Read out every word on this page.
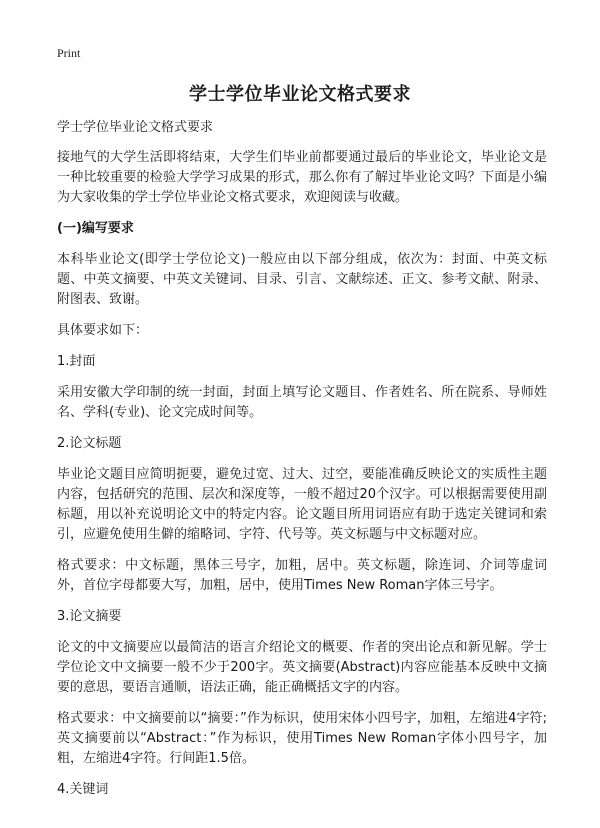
Print
学士学位毕业论文格式要求

学士学位毕业论文格式要求

接地气的大学生活即将结束，大学生们毕业前都要通过最后的毕业论文，毕业论文是一种比较重要的检验大学学习成果的形式，那么你有了解过毕业论文吗？下面是小编为大家收集的学士学位毕业论文格式要求，欢迎阅读与收藏。

(一)编写要求

本科毕业论文(即学士学位论文)一般应由以下部分组成，依次为：封面、中英文标题、中英文摘要、中英文关键词、目录、引言、文献综述、正文、参考文献、附录、附图表、致谢。

具体要求如下：

1.封面

采用安徽大学印制的统一封面，封面上填写论文题目、作者姓名、所在院系、导师姓名、学科(专业)、论文完成时间等。

2.论文标题

毕业论文题目应简明扼要，避免过宽、过大、过空，要能准确反映论文的实质性主题内容，包括研究的范围、层次和深度等，一般不超过20个汉字。可以根据需要使用副标题，用以补充说明论文中的特定内容。论文题目所用词语应有助于选定关键词和索引，应避免使用生僻的缩略词、字符、代号等。英文标题与中文标题对应。

格式要求：中文标题，黑体三号字，加粗，居中。英文标题，除连词、介词等虚词外，首位字母都要大写，加粗，居中，使用Times New Roman字体三号字。

3.论文摘要

论文的中文摘要应以最简洁的语言介绍论文的概要、作者的突出论点和新见解。学士学位论文中文摘要一般不少于200字。英文摘要(Abstract)内容应能基本反映中文摘要的意思，要语言通顺，语法正确，能正确概括文字的内容。

格式要求：中文摘要前以“摘要：”作为标识，使用宋体小四号字，加粗，左缩进4字符;英文摘要前以“Abstract：”作为标识，使用Times New Roman字体小四号字，加粗，左缩进4字符。行间距1.5倍。

4.关键词
